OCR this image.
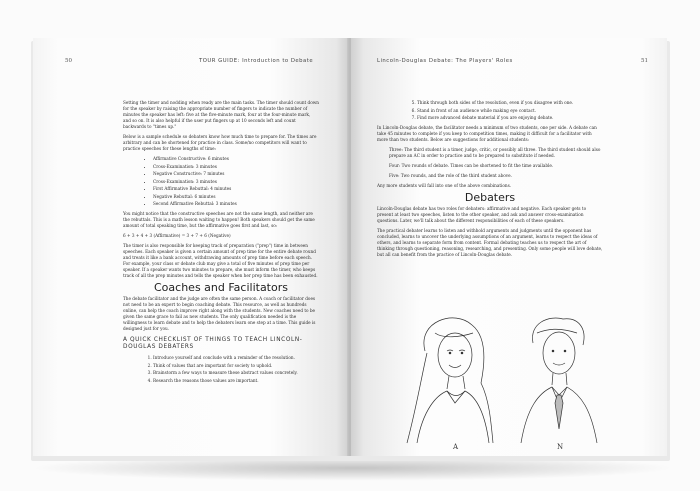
50	TOUR GUIDE: Introduction to Debate

Setting the timer and nodding when ready are the main tasks. The timer should count down for the speaker by raising the appropriate number of fingers to indicate the number of minutes the speaker has left: five at the five-minute mark, four at the four-minute mark, and so on. It is also helpful if the user put fingers up at 10 seconds left and count backwards to "times up."

Below is a sample schedule so debaters know how much time to prepare for. The times are arbitrary and can be shortened for practice in class. Some/no competitors will want to practice speeches for these lengths of time:

• Affirmative Constructive: 6 minutes
• Cross-Examination: 3 minutes
• Negative Constructive: 7 minutes
• Cross-Examination: 3 minutes
• First Affirmative Rebuttal: 4 minutes
• Negative Rebuttal: 6 minutes
• Second Affirmative Rebuttal: 3 minutes

You might notice that the constructive speeches are not the same length, and neither are the rebuttals. This is a math lesson waiting to happen! Both speakers should get the same amount of total speaking time, but the affirmative goes first and last, so:

6 + 3 + 4 + 3 (Affirmative) = 3 + 7 + 6 (Negative)

The timer is also responsible for keeping track of preparation ("prep") time in between speeches. Each speaker is given a certain amount of prep time for the entire debate round and treats it like a bank account, withdrawing amounts of prep time before each speech. For example, your class or debate club may give a total of five minutes of prep time per speaker. If a speaker wants two minutes to prepare, she must inform the timer, who keeps track of all the prep minutes and tells the speaker when her prep time has been exhausted.

Coaches and Facilitators

The debate facilitator and the judge are often the same person. A coach or facilitator does not need to be an expert to begin coaching debate. This resource, as well as hundreds online, can help the coach improve right along with the students. New coaches need to be given the same grace to fail as new students. The only qualification needed is the willingness to learn debate and to help the debaters learn one step at a time. This guide is designed just for you.

A QUICK CHECKLIST OF THINGS TO TEACH LINCOLN-DOUGLAS DEBATERS
1. Introduce yourself and conclude with a reminder of the resolution.
2. Think of values that are important for society to uphold.
3. Brainstorm a few ways to measure these abstract values concretely.
4. Research the reasons those values are important.
Lincoln-Douglas Debate: The Players' Roles	51
5. Think through both sides of the resolution, even if you disagree with one.
6. Stand in front of an audience while making eye contact.
7. Find more advanced debate material if you are enjoying debate.

In Lincoln-Douglas debate, the facilitator needs a minimum of two students, one per side. A debate can take 45 minutes to complete if you keep to competition times, making it difficult for a facilitator with more than two students. Below are suggestions for additional students:

Three: The third student is a timer, judge, critic, or possibly all three. The third student should also prepare an AC in order to practice and to be prepared to substitute if needed.

Four: Two rounds of debate. Times can be shortened to fit the time available.

Five: Two rounds, and the role of the third student above.

Any more students will fall into one of the above combinations.

Debaters

Lincoln-Douglas debate has two roles for debaters: affirmative and negative. Each speaker gets to present at least two speeches, listen to the other speaker, and ask and answer cross-examination questions. Later, we'll talk about the different responsibilities of each of these speakers.

The practical debater learns to listen and withhold arguments and judgments until the opponent has concluded, learns to uncover the underlying assumptions of an argument, learns to respect the ideas of others, and learns to separate form from content. Formal debating teaches us to respect the art of thinking through questioning, reasoning, researching, and presenting. Only some people will love debate, but all can benefit from the practice of Lincoln-Douglas debate.

A	N
